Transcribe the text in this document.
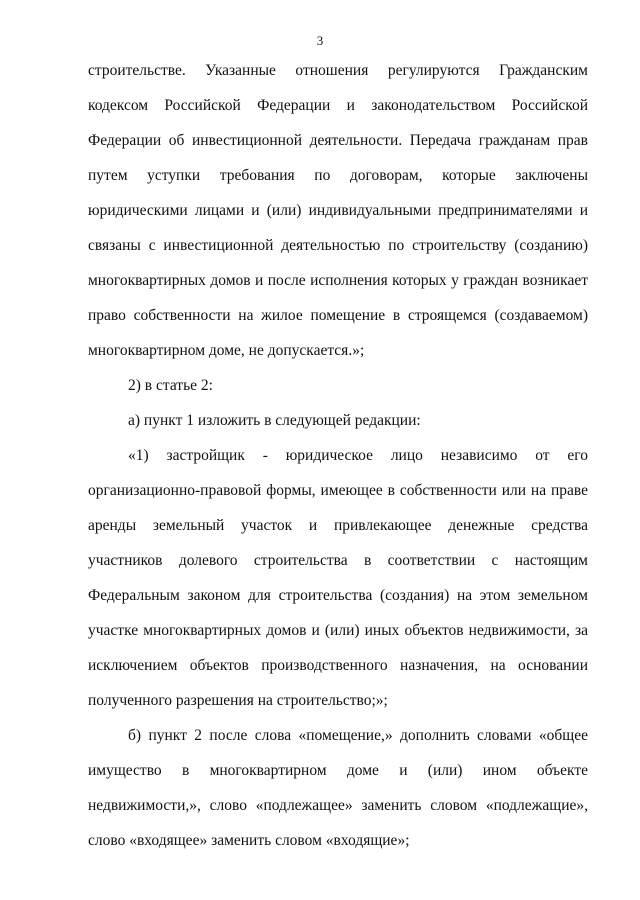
3
строительстве. Указанные отношения регулируются Гражданским
кодексом Российской Федерации и законодательством Российской
Федерации об инвестиционной деятельности. Передача гражданам прав
путем уступки требования по договорам, которые заключены
юридическими лицами и (или) индивидуальными предпринимателями и
связаны с инвестиционной деятельностью по строительству (созданию)
многоквартирных домов и после исполнения которых у граждан возникает
право собственности на жилое помещение в строящемся (создаваемом)
многоквартирном доме, не допускается.»;
2) в статье 2:
а) пункт 1 изложить в следующей редакции:
«1) застройщик - юридическое лицо независимо от его
организационно-правовой формы, имеющее в собственности или на праве
аренды земельный участок и привлекающее денежные средства
участников долевого строительства в соответствии с настоящим
Федеральным законом для строительства (создания) на этом земельном
участке многоквартирных домов и (или) иных объектов недвижимости, за
исключением объектов производственного назначения, на основании
полученного разрешения на строительство;»;
б) пункт 2 после слова «помещение,» дополнить словами «общее
имущество в многоквартирном доме и (или) ином объекте
недвижимости,», слово «подлежащее» заменить словом «подлежащие»,
слово «входящее» заменить словом «входящие»;
